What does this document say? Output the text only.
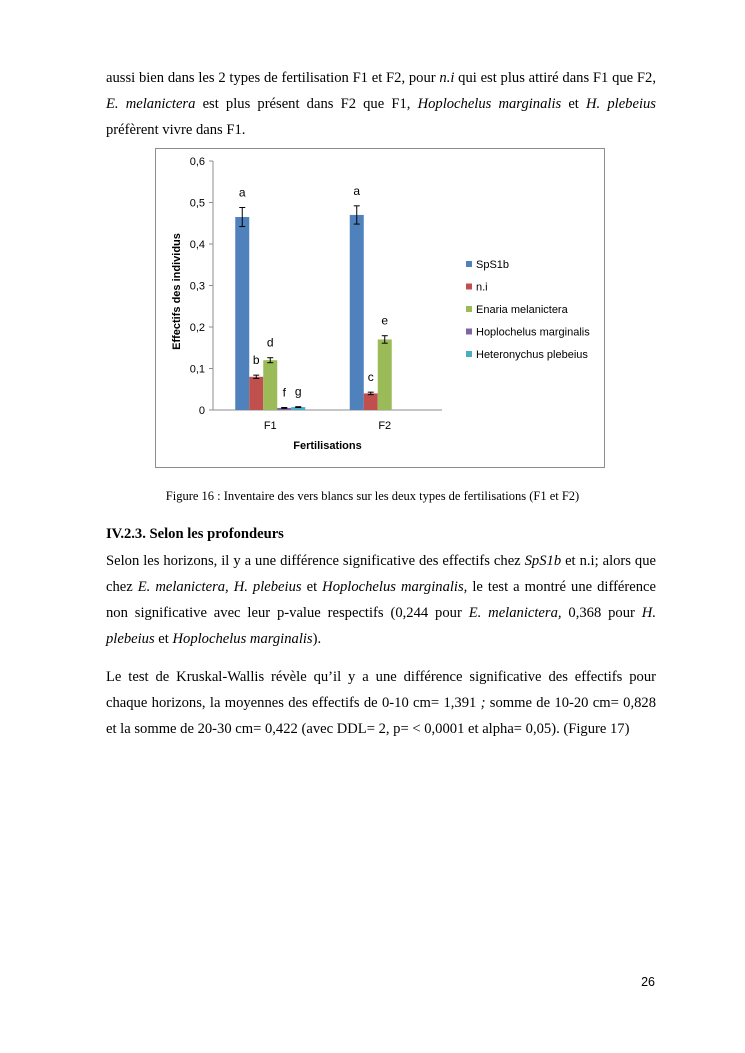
aussi bien dans les 2 types de fertilisation F1 et F2, pour n.i qui est plus attiré dans F1 que F2, E. melanictera est plus présent dans F2 que F1, Hoplochelus marginalis et H. plebeius préfèrent vivre dans F1.

0
0,1
0,2
0,3
0,4
0,5
0,6
a
b
d
f g
F1
a
c
e
F2
Fertilisations
Effectifs des individus	SpS1b
n.i
Enaria melanictera
Hoplochelus marginalis
Heteronychus plebeius

Figure 16 : Inventaire des vers blancs sur les deux types de fertilisations (F1 et F2)

IV.2.3. Selon les profondeurs

Selon les horizons, il y a une différence significative des effectifs chez SpS1b et n.i; alors que chez E. melanictera, H. plebeius et Hoplochelus marginalis, le test a montré une différence non significative avec leur p-value respectifs (0,244 pour E. melanictera, 0,368 pour H. plebeius et Hoplochelus marginalis).

Le test de Kruskal-Wallis révèle qu’il y a une différence significative des effectifs pour chaque horizons, la moyennes des effectifs de 0-10 cm= 1,391 ; somme de 10-20 cm= 0,828 et la somme de 20-30 cm= 0,422 (avec DDL= 2, p= < 0,0001 et alpha= 0,05). (Figure 17)

26
